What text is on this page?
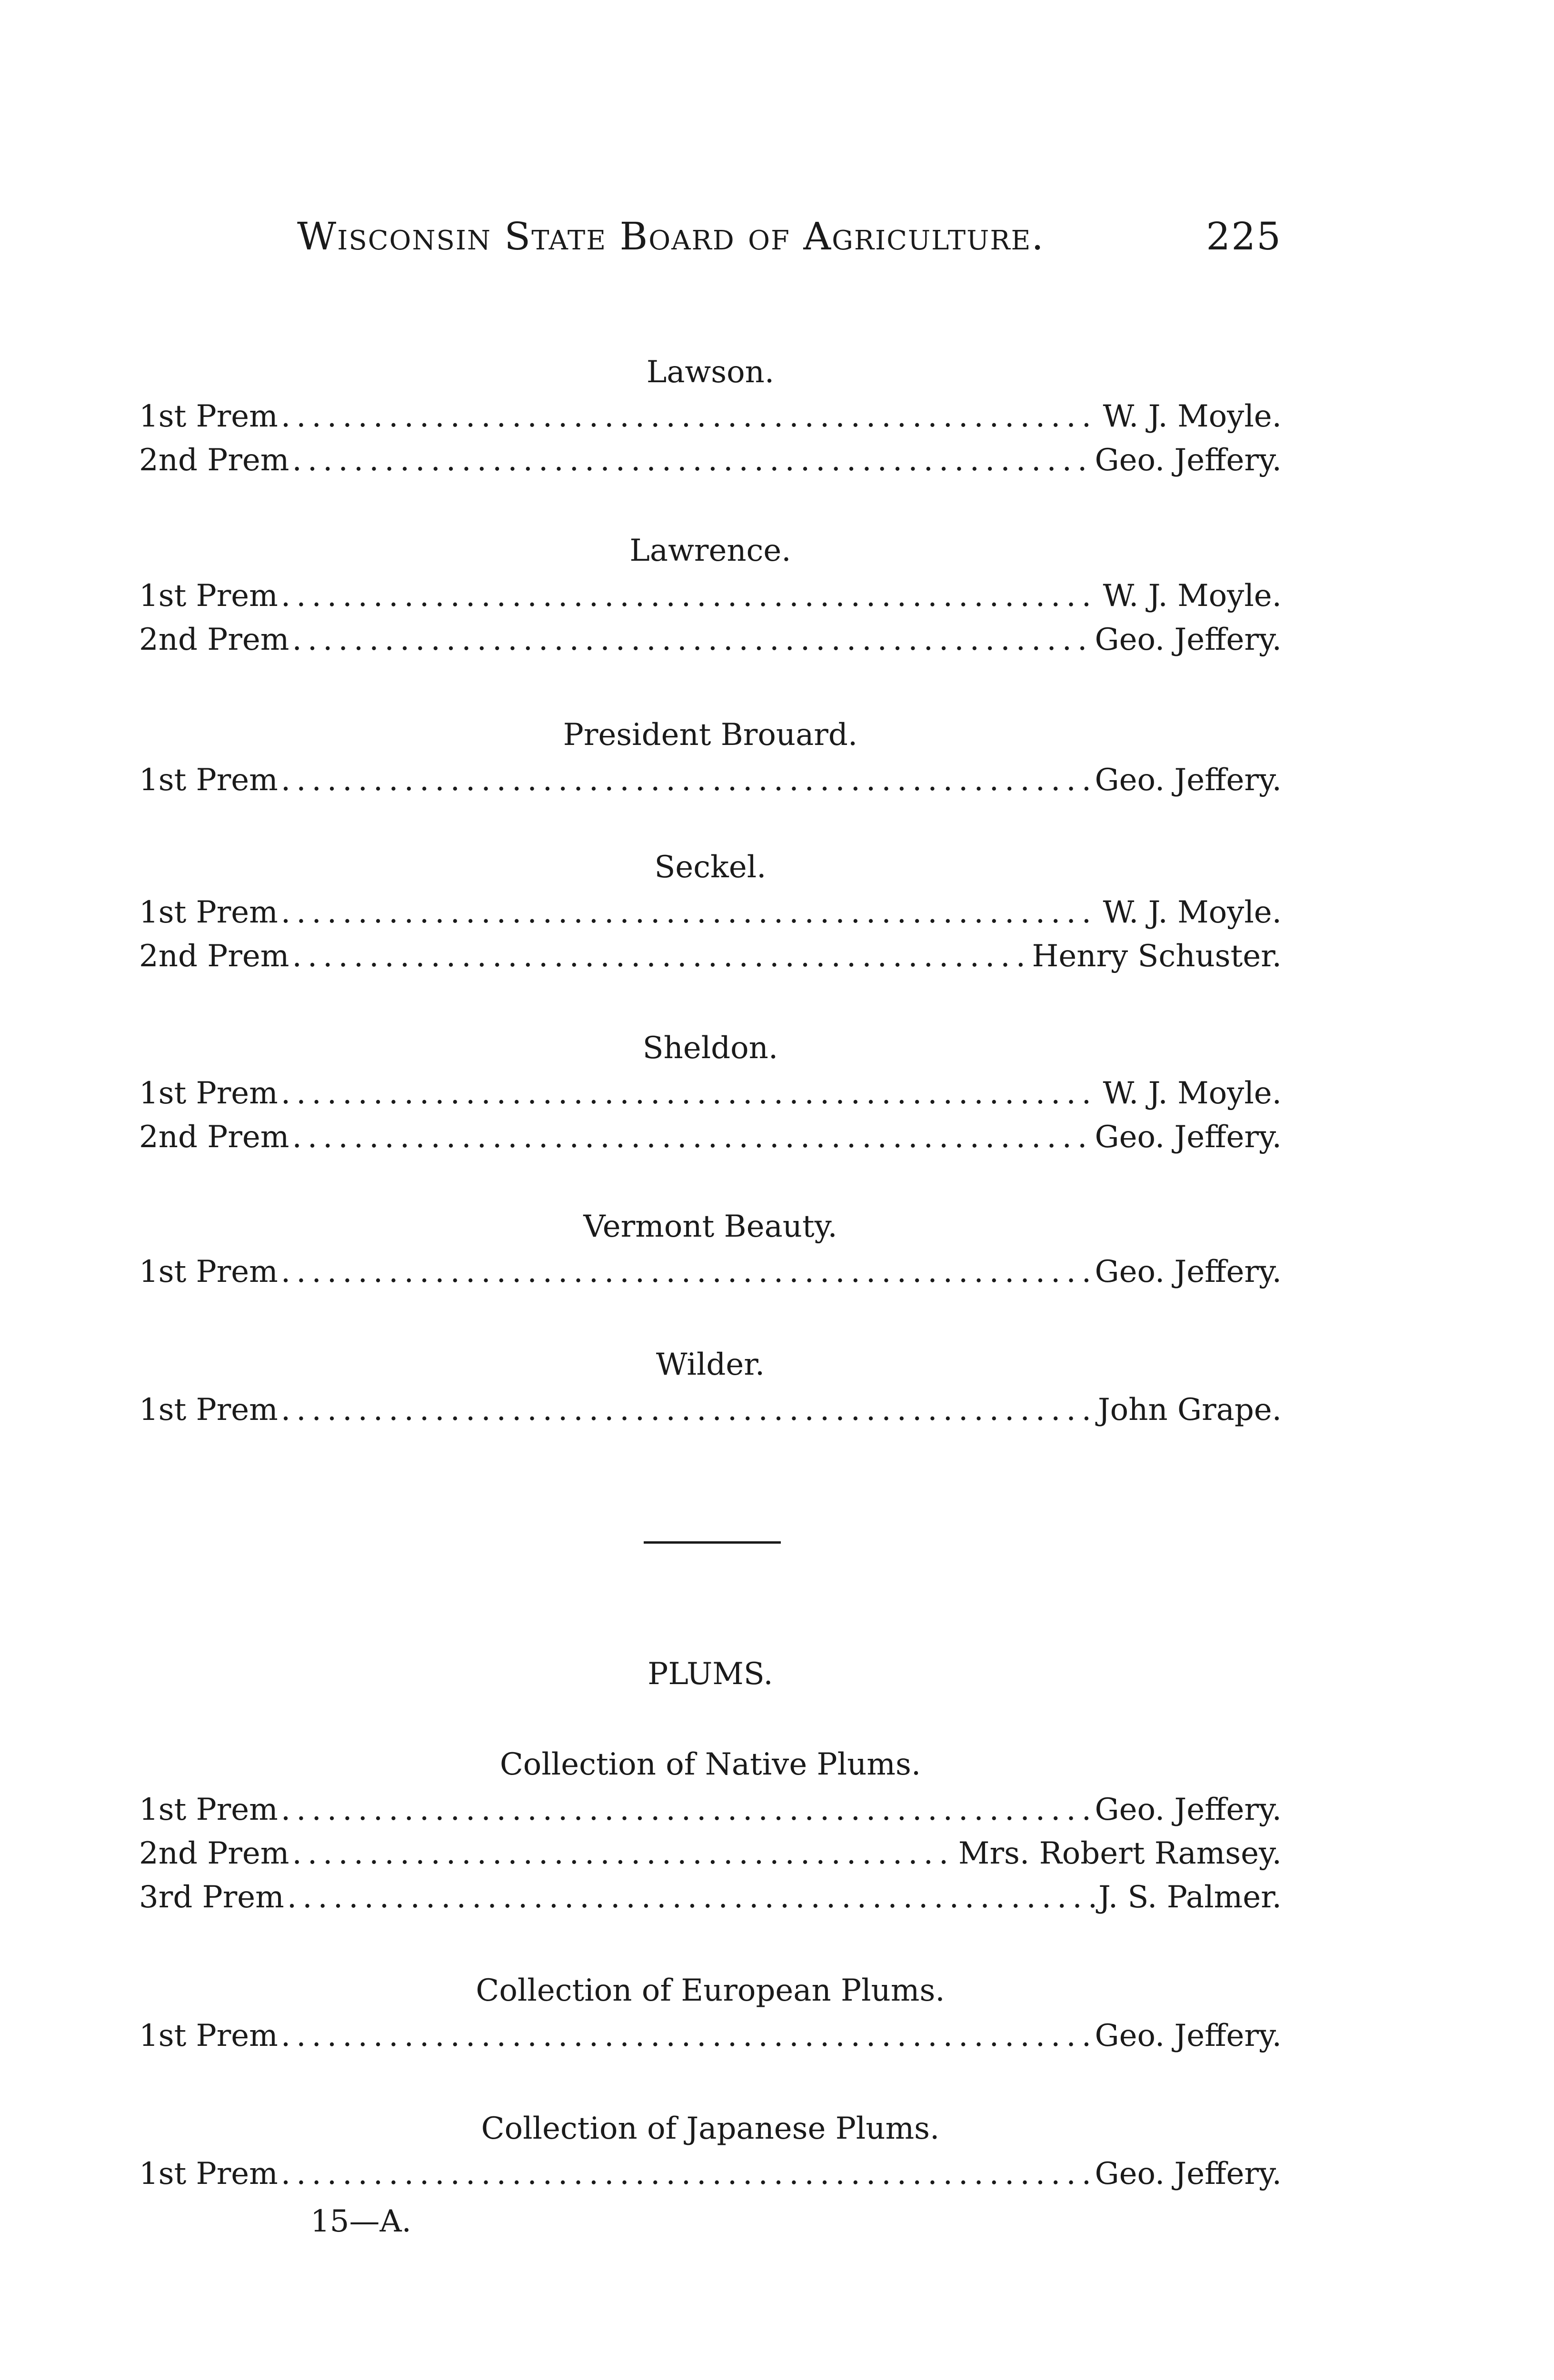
Wisconsin State Board of Agriculture.	225
Lawson.
1st Prem .....	W. J. Moyle.
2nd Prem .....	Geo. Jeffery.
Lawrence.
1st Prem .....	W. J. Moyle.
2nd Prem .....	Geo. Jeffery.
President Brouard.
1st Prem .....	Geo. Jeffery.
Seckel.
1st Prem .....	W. J. Moyle.
2nd Prem .....	Henry Schuster.
Sheldon.
1st Prem .....	W. J. Moyle.
2nd Prem .....	Geo. Jeffery.
Vermont Beauty.
1st Prem .....	Geo. Jeffery.
Wilder.
1st Prem .....	John Grape.
PLUMS.
Collection of Native Plums.
1st Prem .....	Geo. Jeffery.
2nd Prem .....	Mrs. Robert Ramsey.
3rd Prem .....	J. S. Palmer.
Collection of European Plums.
1st Prem .....	Geo. Jeffery.
Collection of Japanese Plums.
1st Prem .....	Geo. Jeffery.
15—A.
